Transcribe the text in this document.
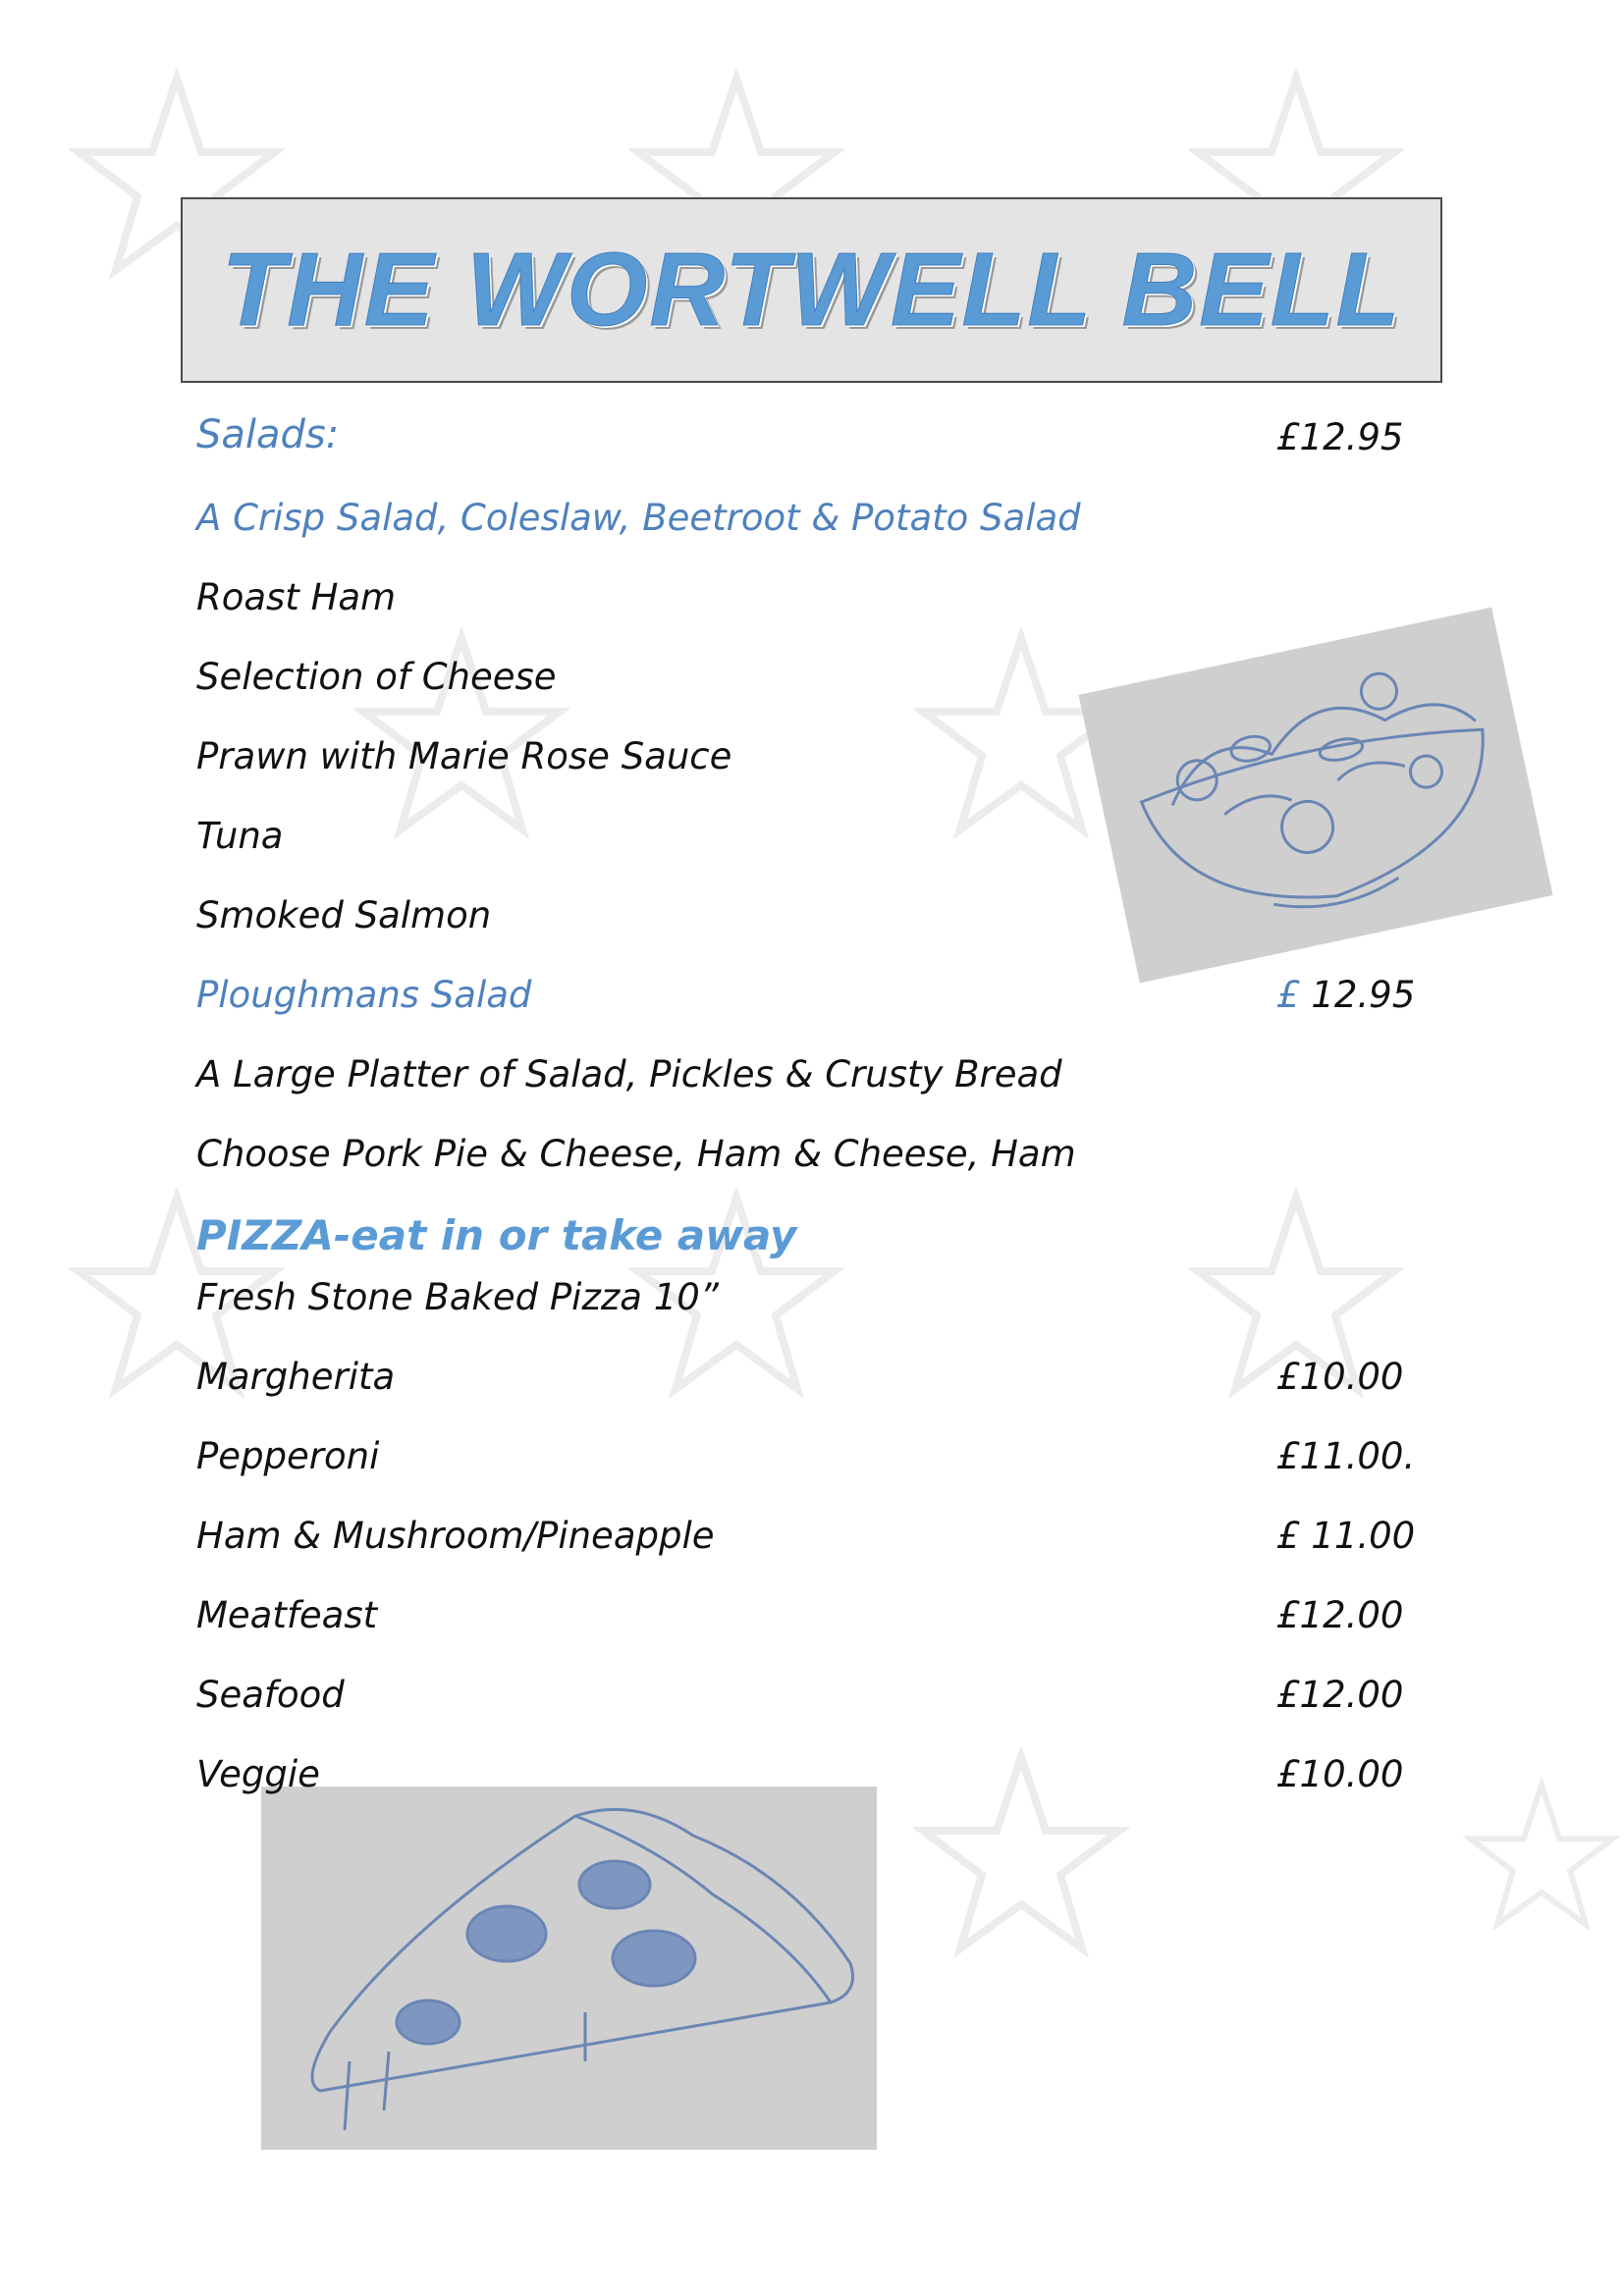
THE WORTWELL BELL
Salads:	£12.95
A Crisp Salad, Coleslaw, Beetroot & Potato Salad
Roast Ham
Selection of Cheese
Prawn with Marie Rose Sauce
Tuna
Smoked Salmon
Ploughmans Salad	£ 12.95
A Large Platter of Salad, Pickles & Crusty Bread
Choose Pork Pie & Cheese, Ham & Cheese, Ham
PIZZA-eat in or take away
Fresh Stone Baked Pizza 10”
Margherita	£10.00
Pepperoni	£11.00.
Ham & Mushroom/Pineapple	£ 11.00
Meatfeast	£12.00
Seafood	£12.00
Veggie	£10.00
